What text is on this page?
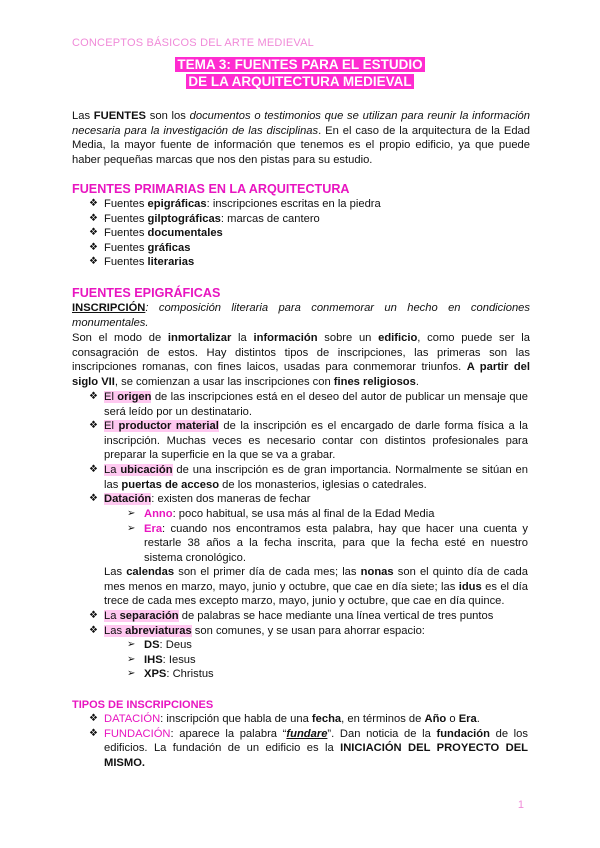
CONCEPTOS BÁSICOS DEL ARTE MEDIEVAL
TEMA 3: FUENTES PARA EL ESTUDIO
DE LA ARQUITECTURA MEDIEVAL

Las FUENTES son los documentos o testimonios que se utilizan para reunir la información necesaria para la investigación de las disciplinas. En el caso de la arquitectura de la Edad Media, la mayor fuente de información que tenemos es el propio edificio, ya que puede haber pequeñas marcas que nos den pistas para su estudio.

FUENTES PRIMARIAS EN LA ARQUITECTURA
❖ Fuentes epigráficas: inscripciones escritas en la piedra
❖ Fuentes gilptográficas: marcas de cantero
❖ Fuentes documentales
❖ Fuentes gráficas
❖ Fuentes literarias
FUENTES EPIGRÁFICAS

INSCRIPCIÓN: composición literaria para conmemorar un hecho en condiciones monumentales.

Son el modo de inmortalizar la información sobre un edificio, como puede ser la consagración de estos. Hay distintos tipos de inscripciones, las primeras son las inscripciones romanas, con fines laicos, usadas para conmemorar triunfos. A partir del siglo VII, se comienzan a usar las inscripciones con fines religiosos.

❖ El origen de las inscripciones está en el deseo del autor de publicar un mensaje que será leído por un destinatario.
❖ El productor material de la inscripción es el encargado de darle forma física a la inscripción. Muchas veces es necesario contar con distintos profesionales para preparar la superficie en la que se va a grabar.
❖ La ubicación de una inscripción es de gran importancia. Normalmente se sitúan en las puertas de acceso de los monasterios, iglesias o catedrales.
❖ Datación: existen dos maneras de fechar
➢ Anno: poco habitual, se usa más al final de la Edad Media
➢ Era: cuando nos encontramos esta palabra, hay que hacer una cuenta y restarle 38 años a la fecha inscrita, para que la fecha esté en nuestro sistema cronológico.

Las calendas son el primer día de cada mes; las nonas son el quinto día de cada mes menos en marzo, mayo, junio y octubre, que cae en día siete; las idus es el día trece de cada mes excepto marzo, mayo, junio y octubre, que cae en día quince.

❖ La separación de palabras se hace mediante una línea vertical de tres puntos
❖ Las abreviaturas son comunes, y se usan para ahorrar espacio:
➢ DS: Deus
➢ IHS: Iesus
➢ XPS: Christus
TIPOS DE INSCRIPCIONES
❖ DATACIÓN: inscripción que habla de una fecha, en términos de Año o Era.
❖ FUNDACIÓN: aparece la palabra “fundare”. Dan noticia de la fundación de los edificios. La fundación de un edificio es la INICIACIÓN DEL PROYECTO DEL MISMO.
1
